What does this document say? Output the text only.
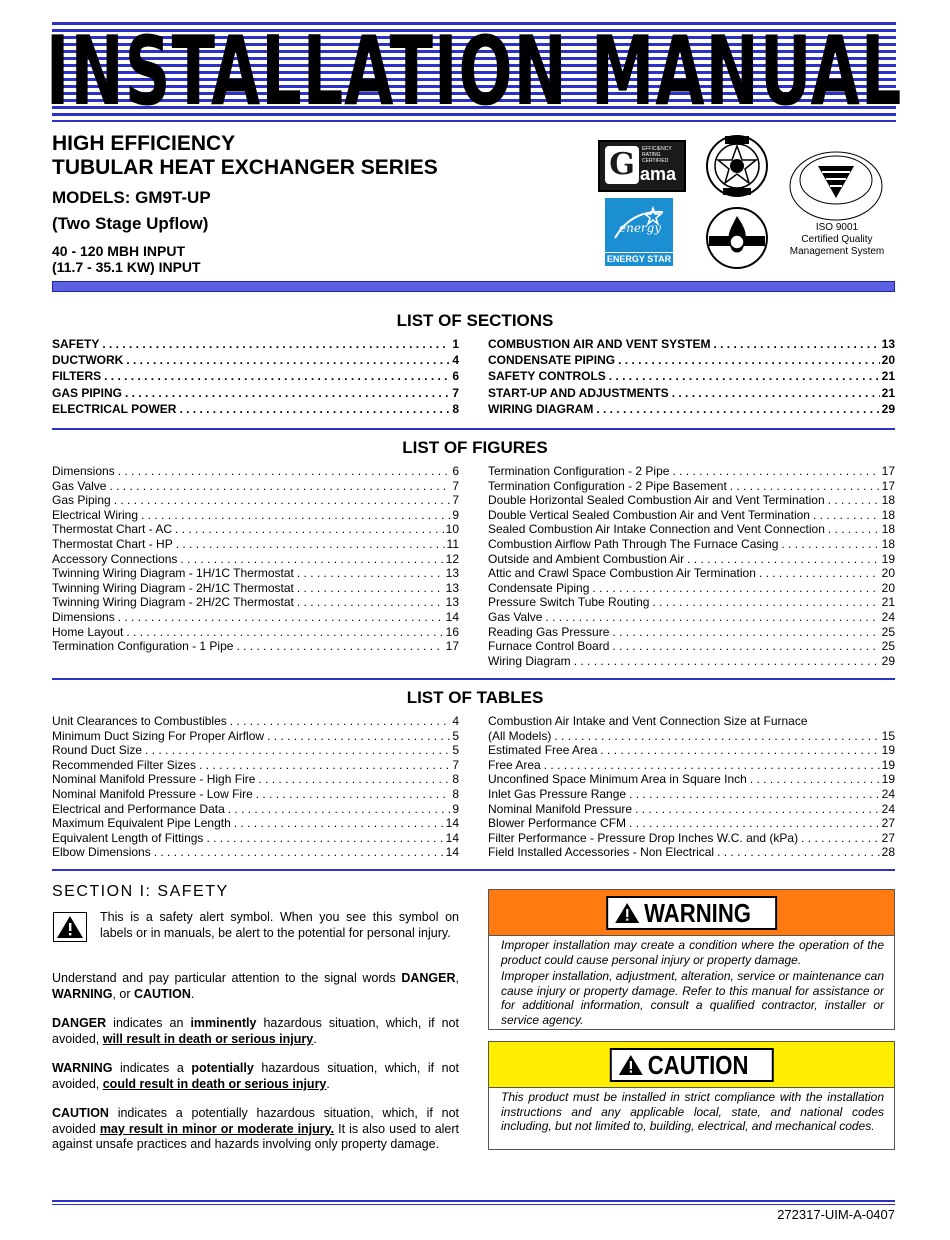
INSTALLATION MANUAL
HIGH EFFICIENCY
TUBULAR HEAT EXCHANGER SERIES
MODELS: GM9T-UP
(Two Stage Upflow)
40 - 120 MBH INPUT
(11.7 - 35.1 KW) INPUT
G	EFFICIENCY RATING CERTIFIED
ama
energy
ENERGY STAR
ISO 9001
Certified Quality
Management System
LIST OF SECTIONS
SAFETY . . .	1
DUCTWORK . . .	4
FILTERS . . .	6
GAS PIPING . . .	7
ELECTRICAL POWER . . .	8
COMBUSTION AIR AND VENT SYSTEM . . .	13
CONDENSATE PIPING . . .	20
SAFETY CONTROLS . . .	21
START-UP AND ADJUSTMENTS . . .	21
WIRING DIAGRAM . . .	29
LIST OF FIGURES
Dimensions . . .	6
Gas Valve . . .	7
Gas Piping . . .	7
Electrical Wiring . . .	9
Thermostat Chart - AC . . .	10
Thermostat Chart - HP . . .	11
Accessory Connections . . .	12
Twinning Wiring Diagram - 1H/1C Thermostat . . .	13
Twinning Wiring Diagram - 2H/1C Thermostat . . .	13
Twinning Wiring Diagram - 2H/2C Thermostat . . .	13
Dimensions . . .	14
Home Layout . . .	16
Termination Configuration - 1 Pipe . . .	17
Termination Configuration - 2 Pipe . . .	17
Termination Configuration - 2 Pipe Basement . . .	17
Double Horizontal Sealed Combustion Air and Vent Termination . . .	18
Double Vertical Sealed Combustion Air and Vent Termination . . .	18
Sealed Combustion Air Intake Connection and Vent Connection . . .	18
Combustion Airflow Path Through The Furnace Casing . . .	18
Outside and Ambient Combustion Air . . .	19
Attic and Crawl Space Combustion Air Termination . . .	20
Condensate Piping . . .	20
Pressure Switch Tube Routing . . .	21
Gas Valve . . .	24
Reading Gas Pressure . . .	25
Furnace Control Board . . .	25
Wiring Diagram . . .	29
LIST OF TABLES
Unit Clearances to Combustibles . . .	4
Minimum Duct Sizing For Proper Airflow . . .	5
Round Duct Size . . .	5
Recommended Filter Sizes . . .	7
Nominal Manifold Pressure - High Fire . . .	8
Nominal Manifold Pressure - Low Fire . . .	8
Electrical and Performance Data . . .	9
Maximum Equivalent Pipe Length . . .	14
Equivalent Length of Fittings . . .	14
Elbow Dimensions . . .	14
Combustion Air Intake and Vent Connection Size at Furnace
(All Models) . . .	15
Estimated Free Area . . .	19
Free Area . . .	19
Unconfined Space Minimum Area in Square Inch . . .	19
Inlet Gas Pressure Range . . .	24
Nominal Manifold Pressure . . .	24
Blower Performance CFM . . .	27
Filter Performance - Pressure Drop Inches W.C. and (kPa) . . .	27
Field Installed Accessories - Non Electrical . . .	28
SECTION I: SAFETY
This is a safety alert symbol. When you see this symbol on labels or in manuals, be alert to the potential for personal injury.
Understand and pay particular attention to the signal words DANGER, WARNING, or CAUTION.
DANGER indicates an imminently hazardous situation, which, if not avoided, will result in death or serious injury.
WARNING indicates a potentially hazardous situation, which, if not avoided, could result in death or serious injury.
CAUTION indicates a potentially hazardous situation, which, if not avoided may result in minor or moderate injury. It is also used to alert against unsafe practices and hazards involving only property damage.
WARNING
Improper installation may create a condition where the operation of the product could cause personal injury or property damage.
Improper installation, adjustment, alteration, service or maintenance can cause injury or property damage. Refer to this manual for assistance or for additional information, consult a qualified contractor, installer or service agency.
CAUTION
This product must be installed in strict compliance with the installation instructions and any applicable local, state, and national codes including, but not limited to, building, electrical, and mechanical codes.
272317-UIM-A-0407
